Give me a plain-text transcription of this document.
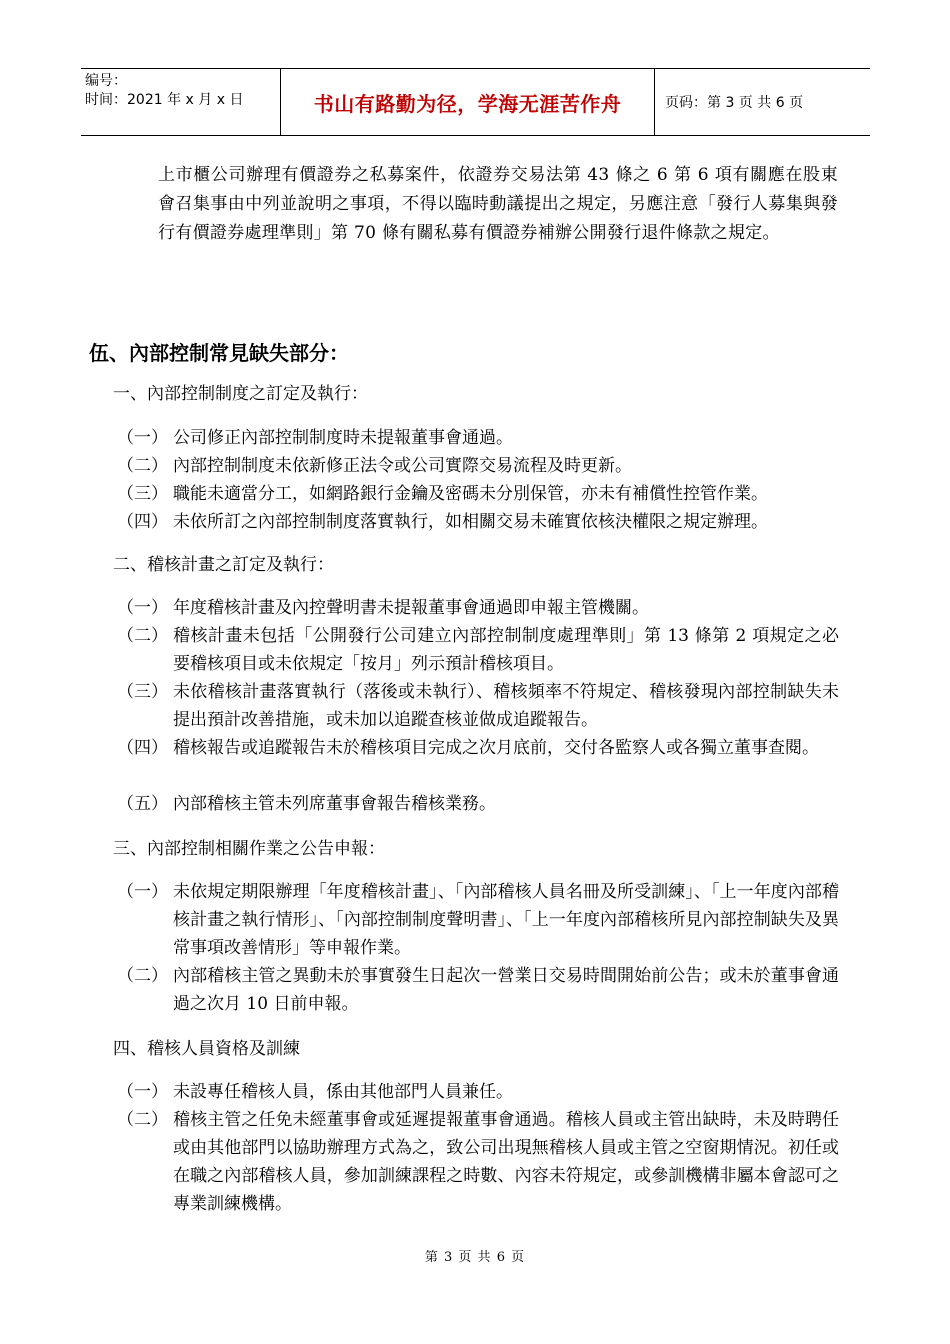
编号：
时间：2021 年 x 月 x 日	书山有路勤为径，学海无涯苦作舟	页码：第 3 页 共 6 页
上市櫃公司辦理有價證券之私募案件，依證券交易法第 43 條之 6 第 6 項有關應在股東會召集事由中列並說明之事項，不得以臨時動議提出之規定，另應注意「發行人募集與發行有價證券處理準則」第 70 條有關私募有價證券補辦公開發行退件條款之規定。
伍、內部控制常見缺失部分：
一、內部控制制度之訂定及執行：
（一） 公司修正內部控制制度時未提報董事會通過。
（二） 內部控制制度未依新修正法令或公司實際交易流程及時更新。
（三） 職能未適當分工，如網路銀行金鑰及密碼未分別保管，亦未有補償性控管作業。
（四） 未依所訂之內部控制制度落實執行，如相關交易未確實依核決權限之規定辦理。
二、稽核計畫之訂定及執行：
（一） 年度稽核計畫及內控聲明書未提報董事會通過即申報主管機關。
（二） 稽核計畫未包括「公開發行公司建立內部控制制度處理準則」第 13 條第 2 項規定之必要稽核項目或未依規定「按月」列示預計稽核項目。
（三） 未依稽核計畫落實執行（落後或未執行）、稽核頻率不符規定、稽核發現內部控制缺失未提出預計改善措施，或未加以追蹤查核並做成追蹤報告。
（四） 稽核報告或追蹤報告未於稽核項目完成之次月底前，交付各監察人或各獨立董事查閱。
（五） 內部稽核主管未列席董事會報告稽核業務。
三、內部控制相關作業之公告申報：
（一） 未依規定期限辦理「年度稽核計畫」、「內部稽核人員名冊及所受訓練」、「上一年度內部稽核計畫之執行情形」、「內部控制制度聲明書」、「上一年度內部稽核所見內部控制缺失及異常事項改善情形」等申報作業。
（二） 內部稽核主管之異動未於事實發生日起次一營業日交易時間開始前公告；或未於董事會通過之次月 10 日前申報。
四、稽核人員資格及訓練
（一） 未設專任稽核人員，係由其他部門人員兼任。
（二） 稽核主管之任免未經董事會或延遲提報董事會通過。稽核人員或主管出缺時，未及時聘任或由其他部門以協助辦理方式為之，致公司出現無稽核人員或主管之空窗期情況。初任或在職之內部稽核人員，參加訓練課程之時數、內容未符規定，或參訓機構非屬本會認可之專業訓練機構。
第 3 页 共 6 页
